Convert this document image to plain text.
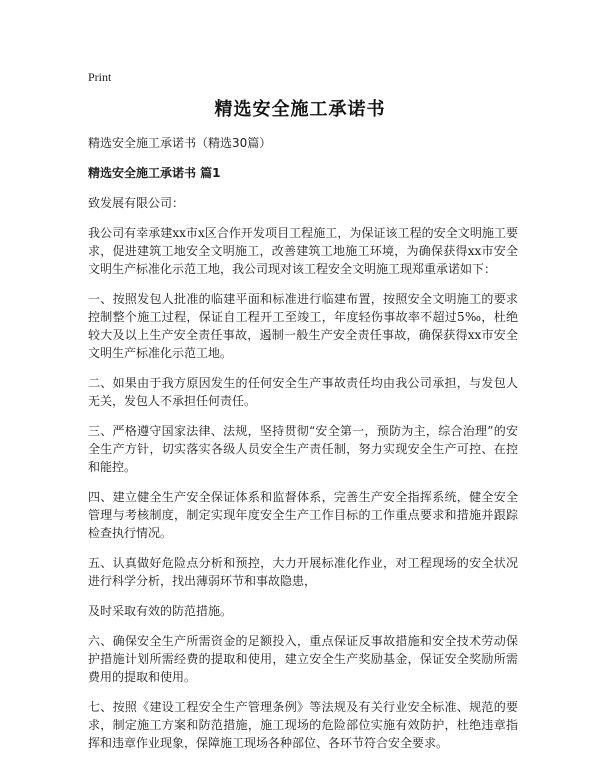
Print
精选安全施工承诺书

精选安全施工承诺书（精选30篇）

精选安全施工承诺书 篇1

致发展有限公司：

我公司有幸承建xx市x区合作开发项目工程施工，为保证该工程的安全文明施工要求，促进建筑工地安全文明施工，改善建筑工地施工环境，为确保获得xx市安全文明生产标准化示范工地，我公司现对该工程安全文明施工现郑重承诺如下：

一、按照发包人批准的临建平面和标准进行临建布置，按照安全文明施工的要求控制整个施工过程，保证自工程开工至竣工，年度轻伤事故率不超过5‰，杜绝较大及以上生产安全责任事故，遏制一般生产安全责任事故，确保获得xx市安全文明生产标准化示范工地。

二、如果由于我方原因发生的任何安全生产事故责任均由我公司承担，与发包人无关，发包人不承担任何责任。

三、严格遵守国家法律、法规，坚持贯彻“安全第一，预防为主，综合治理”的安全生产方针，切实落实各级人员安全生产责任制，努力实现安全生产可控、在控和能控。

四、建立健全生产安全保证体系和监督体系，完善生产安全指挥系统，健全安全管理与考核制度，制定实现年度安全生产工作目标的工作重点要求和措施并跟踪检查执行情况。

五、认真做好危险点分析和预控，大力开展标准化作业，对工程现场的安全状况进行科学分析，找出薄弱环节和事故隐患，

及时采取有效的防范措施。

六、确保安全生产所需资金的足额投入，重点保证反事故措施和安全技术劳动保护措施计划所需经费的提取和使用，建立安全生产奖励基金，保证安全奖励所需费用的提取和使用。

七、按照《建设工程安全生产管理条例》等法规及有关行业安全标准、规范的要求，制定施工方案和防范措施，施工现场的危险部位实施有效防护，杜绝违章指挥和违章作业现象，保障施工现场各种部位、各环节符合安全要求。
